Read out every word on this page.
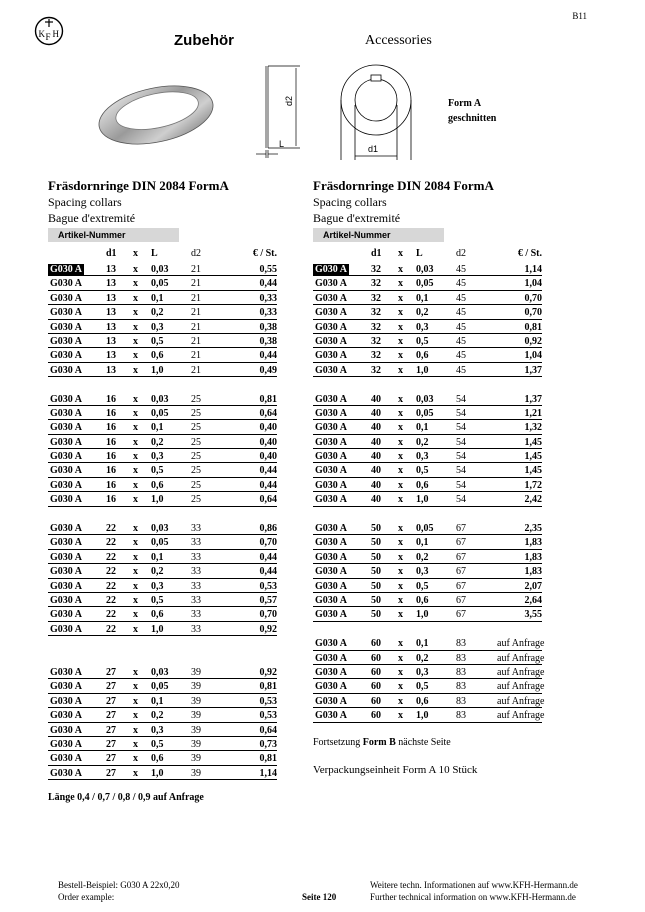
B11
K F H	Zubehör	Accessories
d2
L	d1
Form A
geschnitten
Fräsdornringe DIN 2084 FormA
Spacing collars
Bague d'extremité
Artikel-Nummer
d1 x L	d2	€ / St.
G030 A 13 x 0,03 21	0,55
G030 A 13 x 0,05 21	0,44
G030 A 13 x 0,1	21	0,33
G030 A 13 x 0,2	21	0,33
G030 A 13 x 0,3	21	0,38
G030 A 13 x 0,5	21	0,38
G030 A 13 x 0,6	21	0,44
G030 A 13 x 1,0	21	0,49
G030 A 16 x 0,03 25	0,81
G030 A 16 x 0,05 25	0,64
G030 A 16 x 0,1	25	0,40
G030 A 16 x 0,2	25	0,40
G030 A 16 x 0,3	25	0,40
G030 A 16 x 0,5	25	0,44
G030 A 16 x 0,6	25	0,44
G030 A 16 x 1,0	25	0,64
G030 A 22 x 0,03 33	0,86
G030 A 22 x 0,05 33	0,70
G030 A 22 x 0,1	33	0,44
G030 A 22 x 0,2	33	0,44
G030 A 22 x 0,3	33	0,53
G030 A 22 x 0,5	33	0,57
G030 A 22 x 0,6	33	0,70
G030 A 22 x 1,0	33	0,92
G030 A 27 x 0,03 39	0,92
G030 A 27 x 0,05 39	0,81
G030 A 27 x 0,1	39	0,53
G030 A 27 x 0,2	39	0,53
G030 A 27 x 0,3	39	0,64
G030 A 27 x 0,5	39	0,73
G030 A 27 x 0,6	39	0,81
G030 A 27 x 1,0	39	1,14
Länge 0,4 / 0,7 / 0,8 / 0,9 auf Anfrage
Fräsdornringe DIN 2084 FormA
Spacing collars
Bague d'extremité
Artikel-Nummer
d1 x L	d2	€ / St.
G030 A 32 x 0,03 45	1,14
G030 A 32 x 0,05 45	1,04
G030 A 32 x 0,1	45	0,70
G030 A 32 x 0,2	45	0,70
G030 A 32 x 0,3	45	0,81
G030 A 32 x 0,5	45	0,92
G030 A 32 x 0,6	45	1,04
G030 A 32 x 1,0	45	1,37
G030 A 40 x 0,03 54	1,37
G030 A 40 x 0,05 54	1,21
G030 A 40 x 0,1	54	1,32
G030 A 40 x 0,2	54	1,45
G030 A 40 x 0,3	54	1,45
G030 A 40 x 0,5	54	1,45
G030 A 40 x 0,6	54	1,72
G030 A 40 x 1,0	54	2,42
G030 A 50 x 0,05 67	2,35
G030 A 50 x 0,1	67	1,83
G030 A 50 x 0,2	67	1,83
G030 A 50 x 0,3	67	1,83
G030 A 50 x 0,5	67	2,07
G030 A 50 x 0,6	67	2,64
G030 A 50 x 1,0	67	3,55
G030 A 60 x 0,1	83	auf Anfrage
G030 A 60 x 0,2	83	auf Anfrage
G030 A 60 x 0,3	83	auf Anfrage
G030 A 60 x 0,5	83	auf Anfrage
G030 A 60 x 0,6	83	auf Anfrage
G030 A 60 x 1,0	83	auf Anfrage
Fortsetzung Form B nächste Seite
Verpackungseinheit Form A 10 Stück
Bestell-Beispiel: G030 A 22x0,20
Order example:	Seite 120
Weitere techn. Informationen auf www.KFH-Hermann.de
Further technical information on www.KFH-Hermann.de
